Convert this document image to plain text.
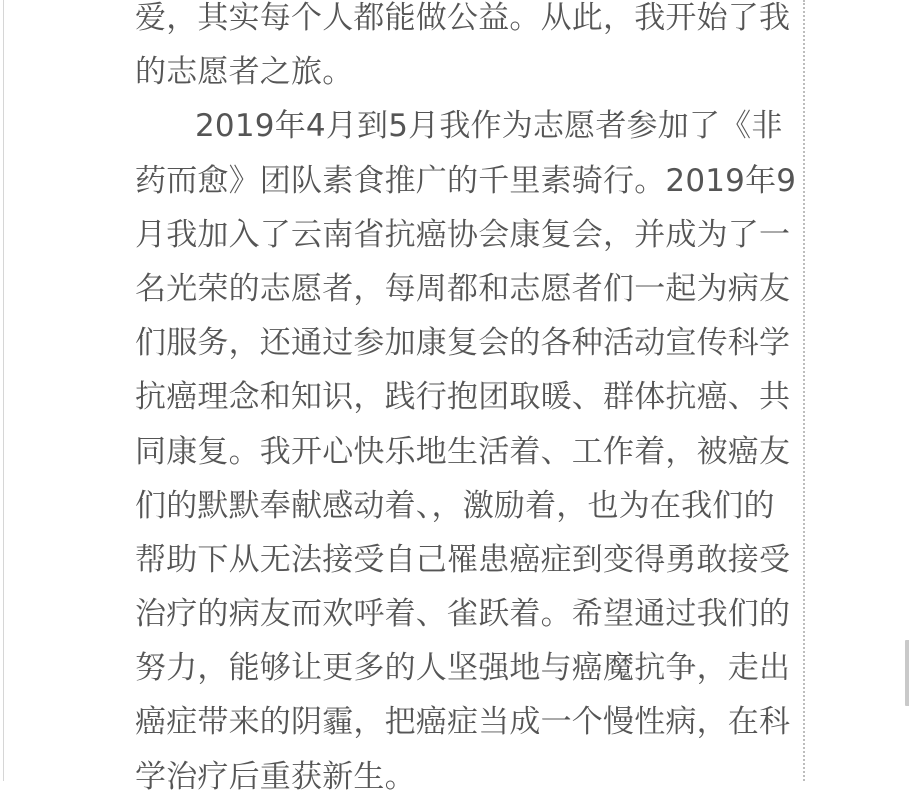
爱，其实每个人都能做公益。从此，我开始了我
的志愿者之旅。
2019年4月到5月我作为志愿者参加了《非
药而愈》团队素食推广的千里素骑行。2019年9
月我加入了云南省抗癌协会康复会，并成为了一
名光荣的志愿者，每周都和志愿者们一起为病友
们服务，还通过参加康复会的各种活动宣传科学
抗癌理念和知识，践行抱团取暖、群体抗癌、共
同康复。我开心快乐地生活着、工作着，被癌友
们的默默奉献感动着、，激励着，也为在我们的
帮助下从无法接受自己罹患癌症到变得勇敢接受
治疗的病友而欢呼着、雀跃着。希望通过我们的
努力，能够让更多的人坚强地与癌魔抗争，走出
癌症带来的阴霾，把癌症当成一个慢性病，在科
学治疗后重获新生。
